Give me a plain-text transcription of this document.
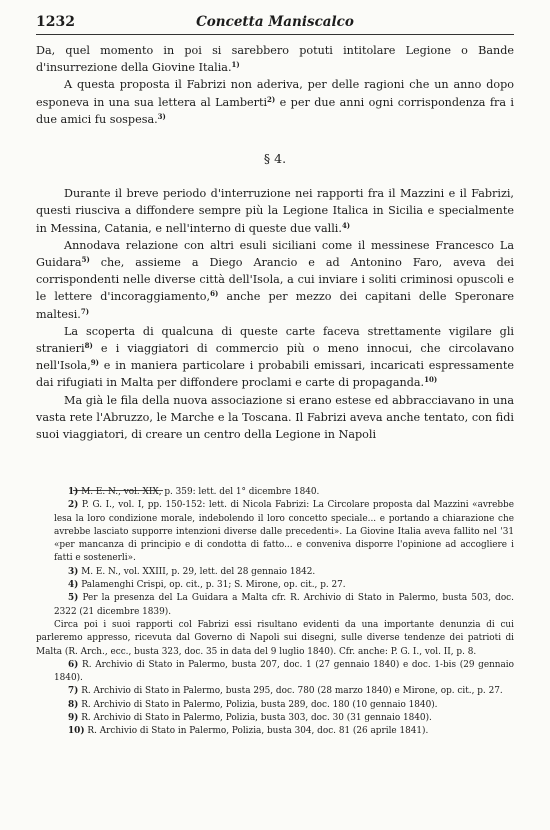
1232	Concetta Maniscalco

Da, quel momento in poi si sarebbero potuti intitolare Legione o Bande d'insurrezione della Giovine Italia.$^{1)}$

A questa proposta il Fabrizi non aderiva, per delle ragioni che un anno dopo esponeva in una sua lettera al Lamberti$^{2)}$ e per due anni ogni corrispondenza fra i due amici fu sospesa.$^{3)}$

§ 4.

Durante il breve periodo d'interruzione nei rapporti fra il Mazzini e il Fabrizi, questi riusciva a diffondere sempre più la Legione Italica in Sicilia e specialmente in Messina, Catania, e nell'interno di queste due valli.$^{4)}$

Annodava relazione con altri esuli siciliani come il messinese Francesco La Guidara$^{5)}$ che, assieme a Diego Arancio e ad Antonino Faro, aveva dei corrispondenti nelle diverse città dell'Isola, a cui inviare i soliti criminosi opuscoli e le lettere d'incoraggiamento,$^{6)}$ anche per mezzo dei capitani delle Speronare maltesi.$^{7)}$

La scoperta di qualcuna di queste carte faceva strettamente vigilare gli stranieri$^{8)}$ e i viaggiatori di commercio più o meno innocui, che circolavano nell'Isola,$^{9)}$ e in maniera particolare i probabili emissari, incaricati espressamente dai rifugiati in Malta per diffondere proclami e carte di propaganda.$^{10)}$

Ma già le fila della nuova associazione si erano estese ed abbracciavano in una vasta rete l'Abruzzo, le Marche e la Toscana. Il Fabrizi aveva anche tentato, con fidi suoi viaggiatori, di creare un centro della Legione in Napoli

1) M. E. N., vol. XIX, p. 359: lett. del 1° dicembre 1840.

2) P. G. I., vol. I, pp. 150-152: lett. di Nicola Fabrizi: La Circolare proposta dal Mazzini «avrebbe lesa la loro condizione morale, indebolendo il loro concetto speciale... e portando a chiarazione che avrebbe lasciato supporre intenzioni diverse dalle precedenti». La Giovine Italia aveva fallito nel '31 «per mancanza di principio e di condotta di fatto... e conveniva disporre l'opinione ad accogliere i fatti e sostenerli».

3) M. E. N., vol. XXIII, p. 29, lett. del 28 gennaio 1842.

4) Palamenghi Crispi, op. cit., p. 31; S. Mirone, op. cit., p. 27.

5) Per la presenza del La Guidara a Malta cfr. R. Archivio di Stato in Palermo, busta 503, doc. 2322 (21 dicembre 1839).

Circa poi i suoi rapporti col Fabrizi essi risultano evidenti da una importante denunzia di cui parleremo appresso, ricevuta dal Governo di Napoli sui disegni, sulle diverse tendenze dei patrioti di Malta (R. Arch., ecc., busta 323, doc. 35 in data del 9 luglio 1840). Cfr. anche: P. G. I., vol. II, p. 8.

6) R. Archivio di Stato in Palermo, busta 207, doc. 1 (27 gennaio 1840) e doc. 1-bis (29 gennaio 1840).

7) R. Archivio di Stato in Palermo, busta 295, doc. 780 (28 marzo 1840) e Mirone, op. cit., p. 27.

8) R. Archivio di Stato in Palermo, Polizia, busta 289, doc. 180 (10 gennaio 1840).

9) R. Archivio di Stato in Palermo, Polizia, busta 303, doc. 30 (31 gennaio 1840).

10) R. Archivio di Stato in Palermo, Polizia, busta 304, doc. 81 (26 aprile 1841).
